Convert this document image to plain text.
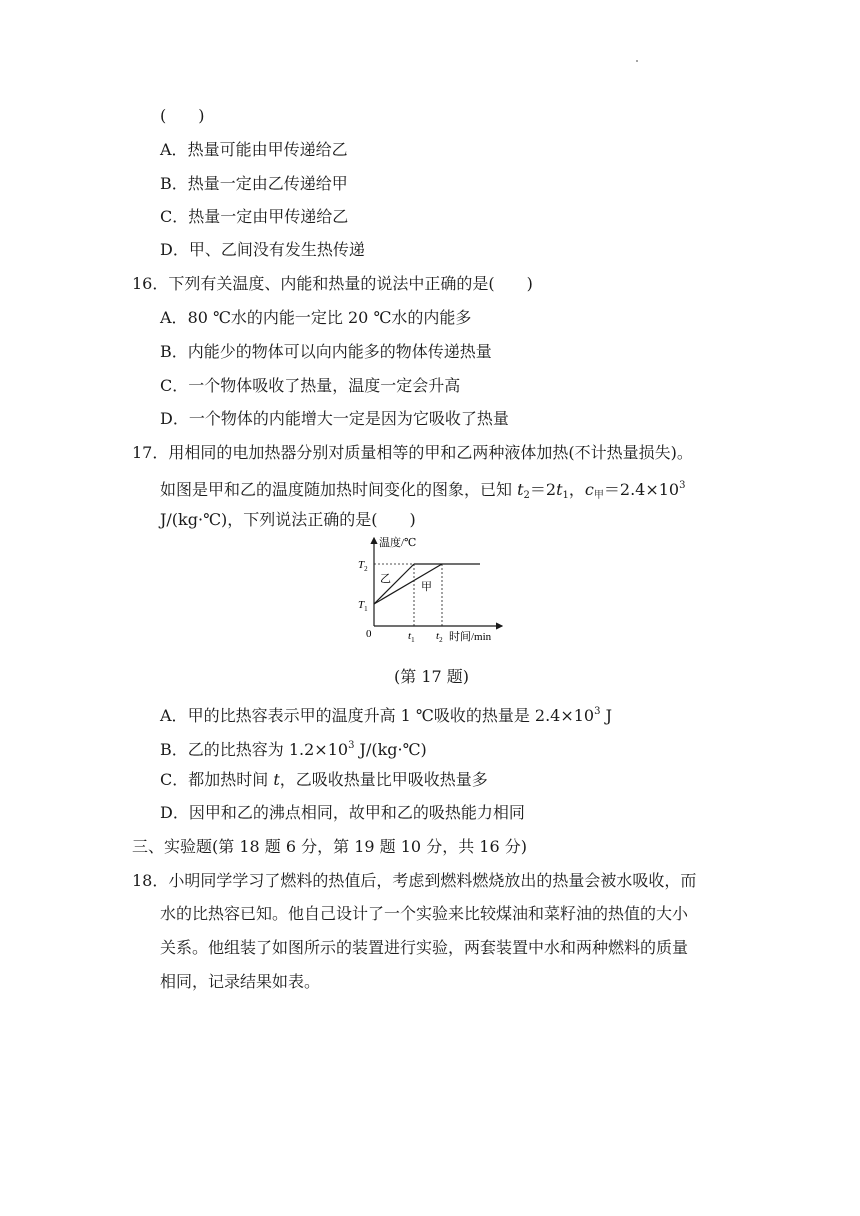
(　　)
A．热量可能由甲传递给乙
B．热量一定由乙传递给甲
C．热量一定由甲传递给乙
D．甲、乙间没有发生热传递
16．下列有关温度、内能和热量的说法中正确的是(　　)
A．80 ℃水的内能一定比 20 ℃水的内能多
B．内能少的物体可以向内能多的物体传递热量
C．一个物体吸收了热量，温度一定会升高
D．一个物体的内能增大一定是因为它吸收了热量
17．用相同的电加热器分别对质量相等的甲和乙两种液体加热(不计热量损失)。
如图是甲和乙的温度随加热时间变化的图象，已知 $t_2=2t_1$，$c_甲=2.4\times 10^3$
J/(kg·℃)，下列说法正确的是(　　)
温度/℃
时间/min
0
$T_2$
$T_1$
$t_1$ $t_2$
乙
甲
(第 17 题)
A．甲的比热容表示甲的温度升高 1 ℃吸收的热量是 $2.4\times 10^3$ J
B．乙的比热容为 $1.2\times 10^3$ J/(kg·℃)
C．都加热时间 t，乙吸收热量比甲吸收热量多
D．因甲和乙的沸点相同，故甲和乙的吸热能力相同
三、实验题(第 18 题 6 分，第 19 题 10 分，共 16 分)
18．小明同学学习了燃料的热值后，考虑到燃料燃烧放出的热量会被水吸收，而
水的比热容已知。他自己设计了一个实验来比较煤油和菜籽油的热值的大小
关系。他组装了如图所示的装置进行实验，两套装置中水和两种燃料的质量
相同，记录结果如表。
